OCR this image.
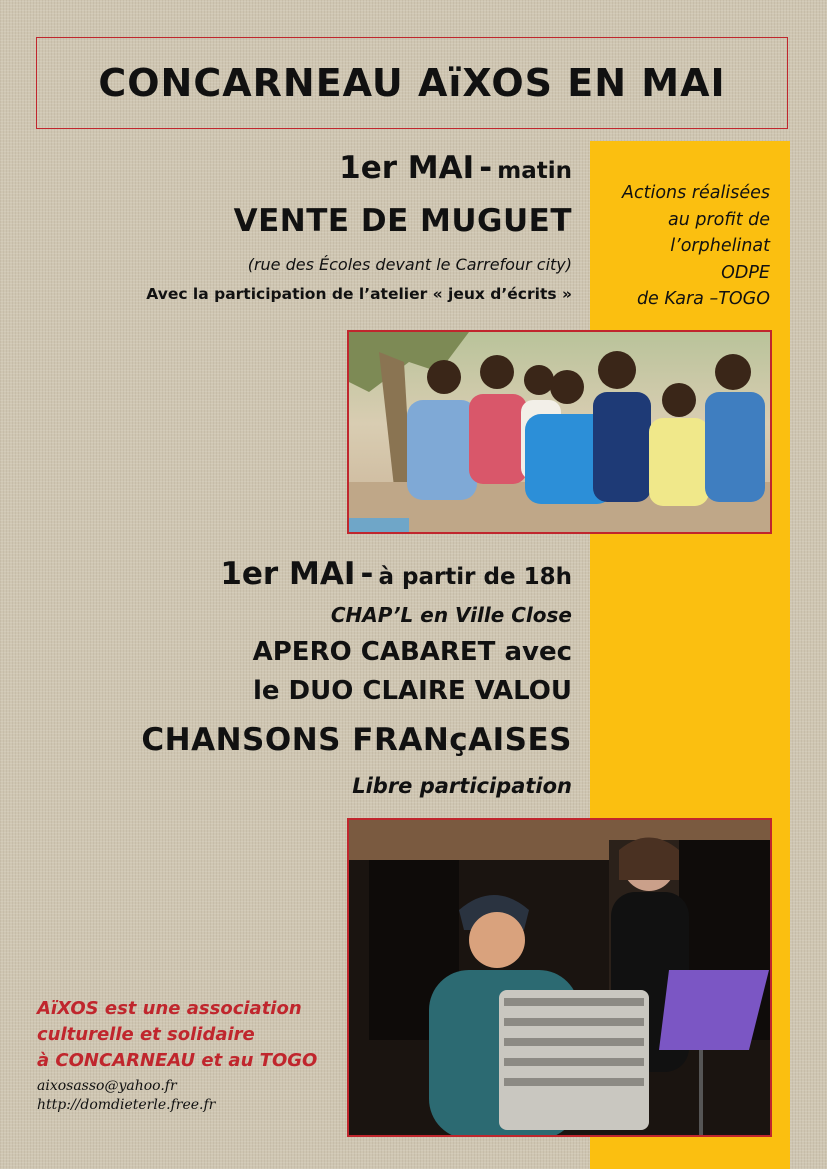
CONCARNEAU AïXOS EN MAI
Actions réalisées
au profit de
l’orphelinat
ODPE
de Kara –TOGO
1er MAI - matin
VENTE DE MUGUET
(rue des Écoles devant le Carrefour city)
Avec la participation de l’atelier « jeux d’écrits »
1er MAI - à partir de 18h
CHAP’L en Ville Close
APERO CABARET avec
le DUO CLAIRE VALOU
CHANSONS FRANçAISES
Libre participation
AïXOS est une association
culturelle et solidaire
à CONCARNEAU et au TOGO
aixosasso@yahoo.fr
http://domdieterle.free.fr
